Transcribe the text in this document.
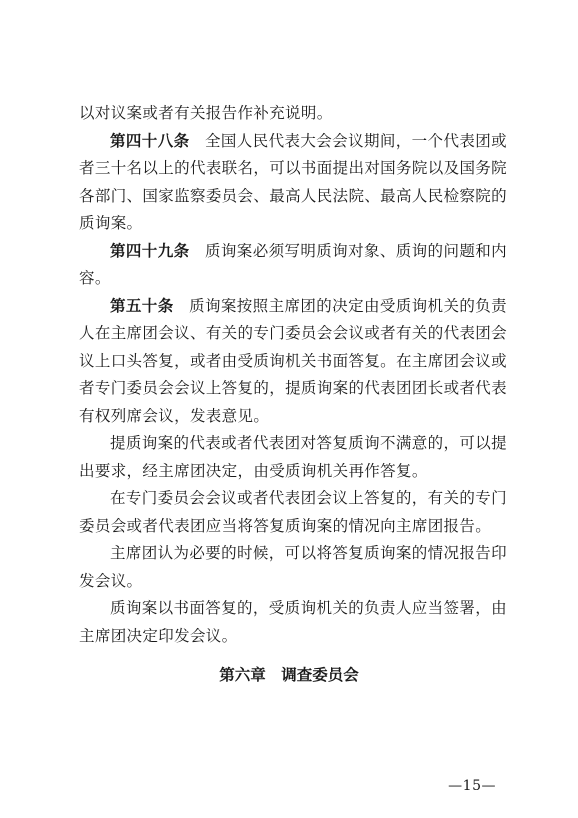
以对议案或者有关报告作补充说明。

第四十八条 全国人民代表大会会议期间，一个代表团或者三十名以上的代表联名，可以书面提出对国务院以及国务院各部门、国家监察委员会、最高人民法院、最高人民检察院的质询案。

第四十九条 质询案必须写明质询对象、质询的问题和内容。

第五十条 质询案按照主席团的决定由受质询机关的负责人在主席团会议、有关的专门委员会会议或者有关的代表团会议上口头答复，或者由受质询机关书面答复。在主席团会议或者专门委员会会议上答复的，提质询案的代表团团长或者代表有权列席会议，发表意见。

提质询案的代表或者代表团对答复质询不满意的，可以提出要求，经主席团决定，由受质询机关再作答复。

在专门委员会会议或者代表团会议上答复的，有关的专门委员会或者代表团应当将答复质询案的情况向主席团报告。

主席团认为必要的时候，可以将答复质询案的情况报告印发会议。

质询案以书面答复的，受质询机关的负责人应当签署，由主席团决定印发会议。

第六章　调查委员会
—15—
